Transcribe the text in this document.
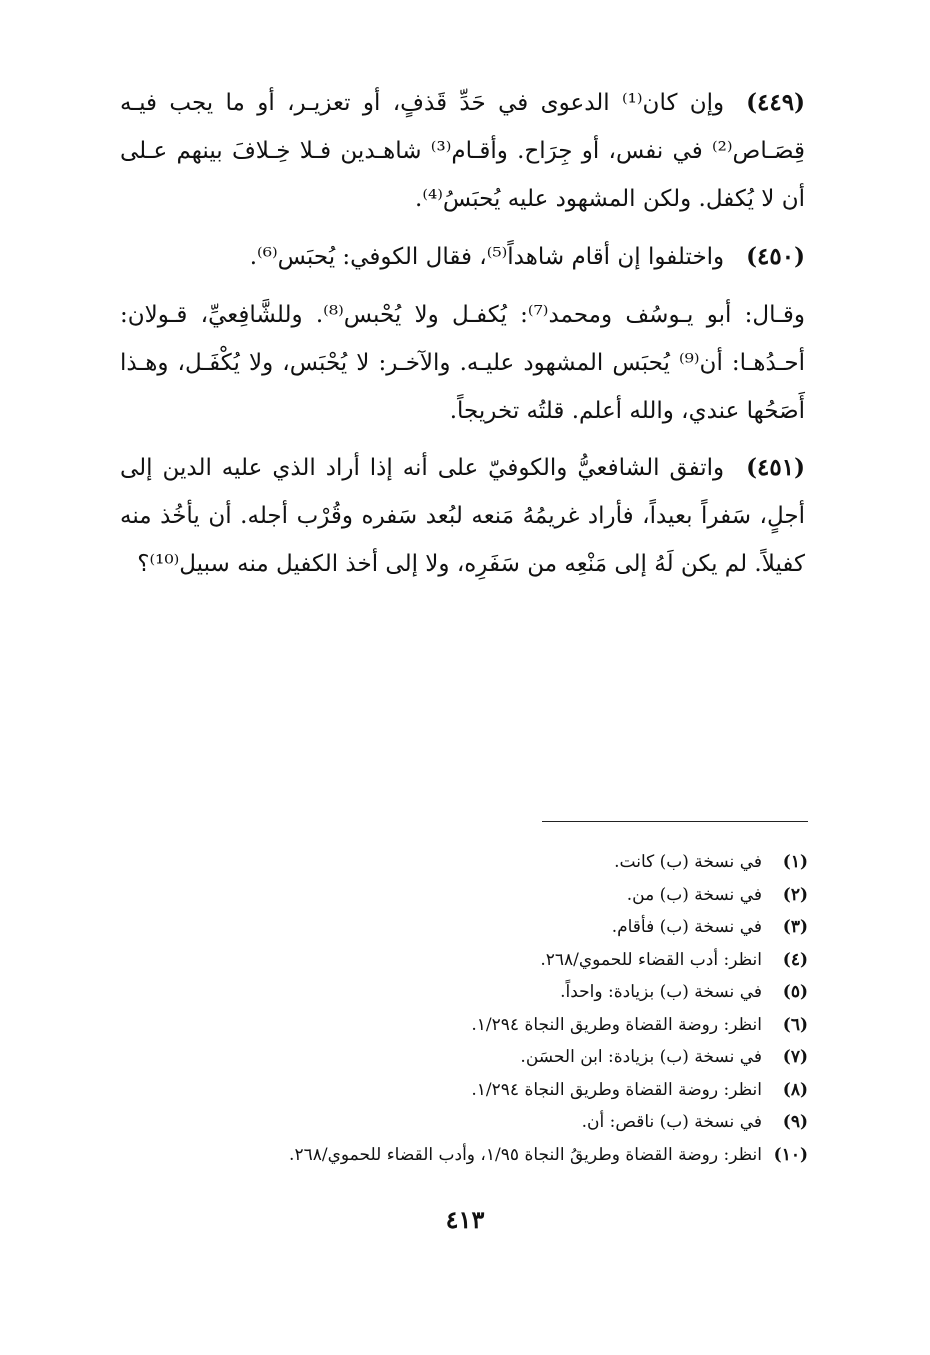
(٤٤٩)وإن كان⁽¹⁾ الدعوى في حَدِّ قَذفٍ، أو تعزيـر، أو ما يجب فيـه قِصَـاص⁽²⁾ في نفس، أو جِرَاح. وأقـام⁽³⁾ شاهـدين فـلا خِـلافَ بينهم عـلى أن لا يُكفل. ولكن المشهود عليه يُحبَسُ⁽⁴⁾.
(٤٥٠)واختلفوا إن أقام شاهداً⁽⁵⁾، فقال الكوفي: يُحبَس⁽⁶⁾.
وقـال: أبو يـوسُف ومحمد⁽⁷⁾: يُكفـل ولا يُحْبس⁽⁸⁾. وللشَّافِعيِّ، قـولان: أحـدُهـا: أن⁽⁹⁾ يُحبَس المشهود عليـه. والآخـر: لا يُحْبَس، ولا يُكْفَـل، وهـذا أَصَحُها عندي، والله أعلم. قلتُه تخريجاً.
(٤٥١)واتفق الشافعيُّ والكوفيّ على أنه إذا أراد الذي عليه الدين إلى أجلٍ، سَفراً بعيداً، فأراد غريمُهُ مَنعه لبُعد سَفره وقُرْب أجله. أن يأخُذ منه كفيلاً. لم يكن لَهُ إلى مَنْعِه من سَفَرِه، ولا إلى أخذ الكفيل منه سبيل⁽¹⁰⁾؟
(١)
في نسخة (ب) كانت.
(٢)
في نسخة (ب) من.
(٣)
في نسخة (ب) فأقام.
(٤)
انظر: أدب القضاء للحموي/٢٦٨.
(٥)
في نسخة (ب) بزيادة: واحداً.
(٦)
انظر: روضة القضاة وطريق النجاة ١/٢٩٤.
(٧)
في نسخة (ب) بزيادة: ابن الحسَن.
(٨)
انظر: روضة القضاة وطريق النجاة ١/٢٩٤.
(٩)
في نسخة (ب) ناقص: أن.
(١٠)
انظر: روضة القضاة وطريقُ النجاة ١/٩٥، وأدب القضاء للحموي/٢٦٨.
٤١٣
